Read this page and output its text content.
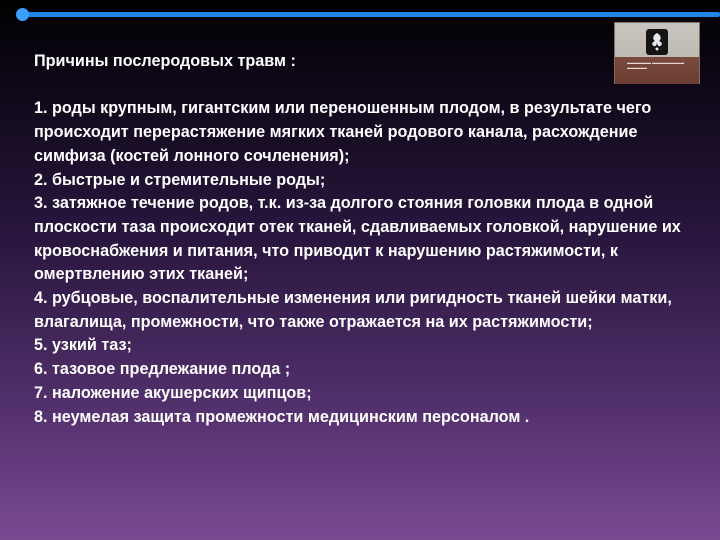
▬▬▬▬▬▬ ▬▬▬▬▬▬▬▬
▬▬▬▬▬

Причины послеродовых травм :

1. роды крупным, гигантским или переношенным плодом, в результате чего происходит перерастяжение мягких тканей родового канала, расхождение симфиза (костей лонного сочленения);

2. быстрые и стремительные роды;

3. затяжное течение родов, т.к. из-за долгого стояния головки плода в одной плоскости таза происходит отек тканей, сдавливаемых головкой, нарушение их кровоснабжения и питания, что приводит к нарушению растяжимости, к омертвлению этих тканей;

4. рубцовые, воспалительные изменения или ригидность тканей шейки матки, влагалища, промежности, что также отражается на их растяжимости;

5. узкий таз;

6. тазовое предлежание плода ;

7. наложение акушерских щипцов;

8. неумелая защита промежности медицинским персоналом .
